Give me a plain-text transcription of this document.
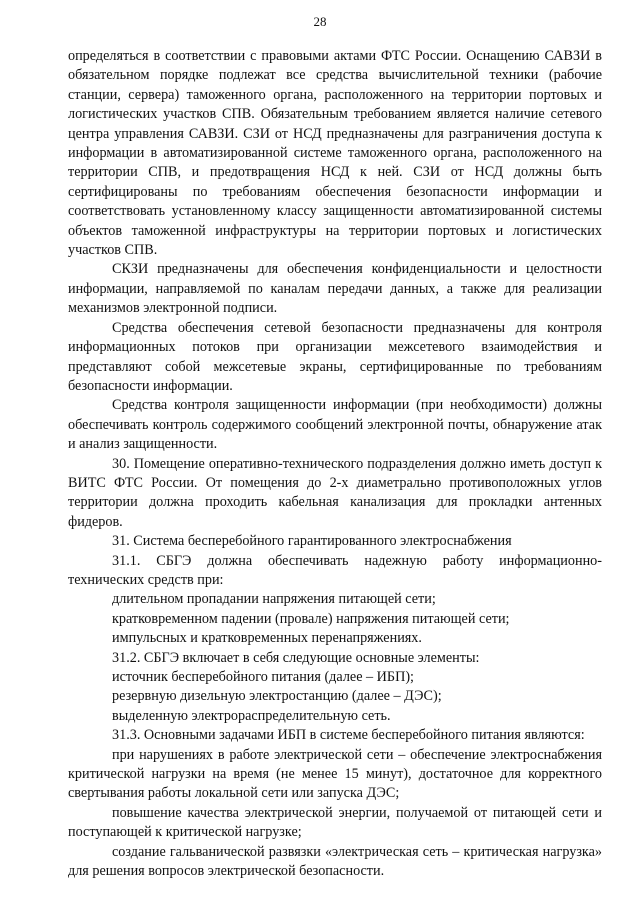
28

определяться в соответствии с правовыми актами ФТС России. Оснащению САВЗИ в обязательном порядке подлежат все средства вычислительной техники (рабочие станции, сервера) таможенного органа, расположенного на территории портовых и логистических участков СПВ. Обязательным требованием является наличие сетевого центра управления САВЗИ. СЗИ от НСД предназначены для разграничения доступа к информации в автоматизированной системе таможенного органа, расположенного на территории СПВ, и предотвращения НСД к ней. СЗИ от НСД должны быть сертифицированы по требованиям обеспечения безопасности информации и соответствовать установленному классу защищенности автоматизированной системы объектов таможенной инфраструктуры на территории портовых и логистических участков СПВ.

СКЗИ предназначены для обеспечения конфиденциальности и целостности информации, направляемой по каналам передачи данных, а также для реализации механизмов электронной подписи.

Средства обеспечения сетевой безопасности предназначены для контроля информационных потоков при организации межсетевого взаимодействия и представляют собой межсетевые экраны, сертифицированные по требованиям безопасности информации.

Средства контроля защищенности информации (при необходимости) должны обеспечивать контроль содержимого сообщений электронной почты, обнаружение атак и анализ защищенности.

30. Помещение оперативно-технического подразделения должно иметь доступ к ВИТС ФТС России. От помещения до 2-х диаметрально противоположных углов территории должна проходить кабельная канализация для прокладки антенных фидеров.

31. Система бесперебойного гарантированного электроснабжения

31.1. СБГЭ должна обеспечивать надежную работу информационно-технических средств при:

длительном пропадании напряжения питающей сети;

кратковременном падении (провале) напряжения питающей сети;

импульсных и кратковременных перенапряжениях.

31.2. СБГЭ включает в себя следующие основные элементы:

источник бесперебойного питания (далее – ИБП);

резервную дизельную электростанцию (далее – ДЭС);

выделенную электрораспределительную сеть.

31.3. Основными задачами ИБП в системе бесперебойного питания являются:

при нарушениях в работе электрической сети – обеспечение электроснабжения критической нагрузки на время (не менее 15 минут), достаточное для корректного свертывания работы локальной сети или запуска ДЭС;

повышение качества электрической энергии, получаемой от питающей сети и поступающей к критической нагрузке;

создание гальванической развязки «электрическая сеть – критическая нагрузка» для решения вопросов электрической безопасности.
